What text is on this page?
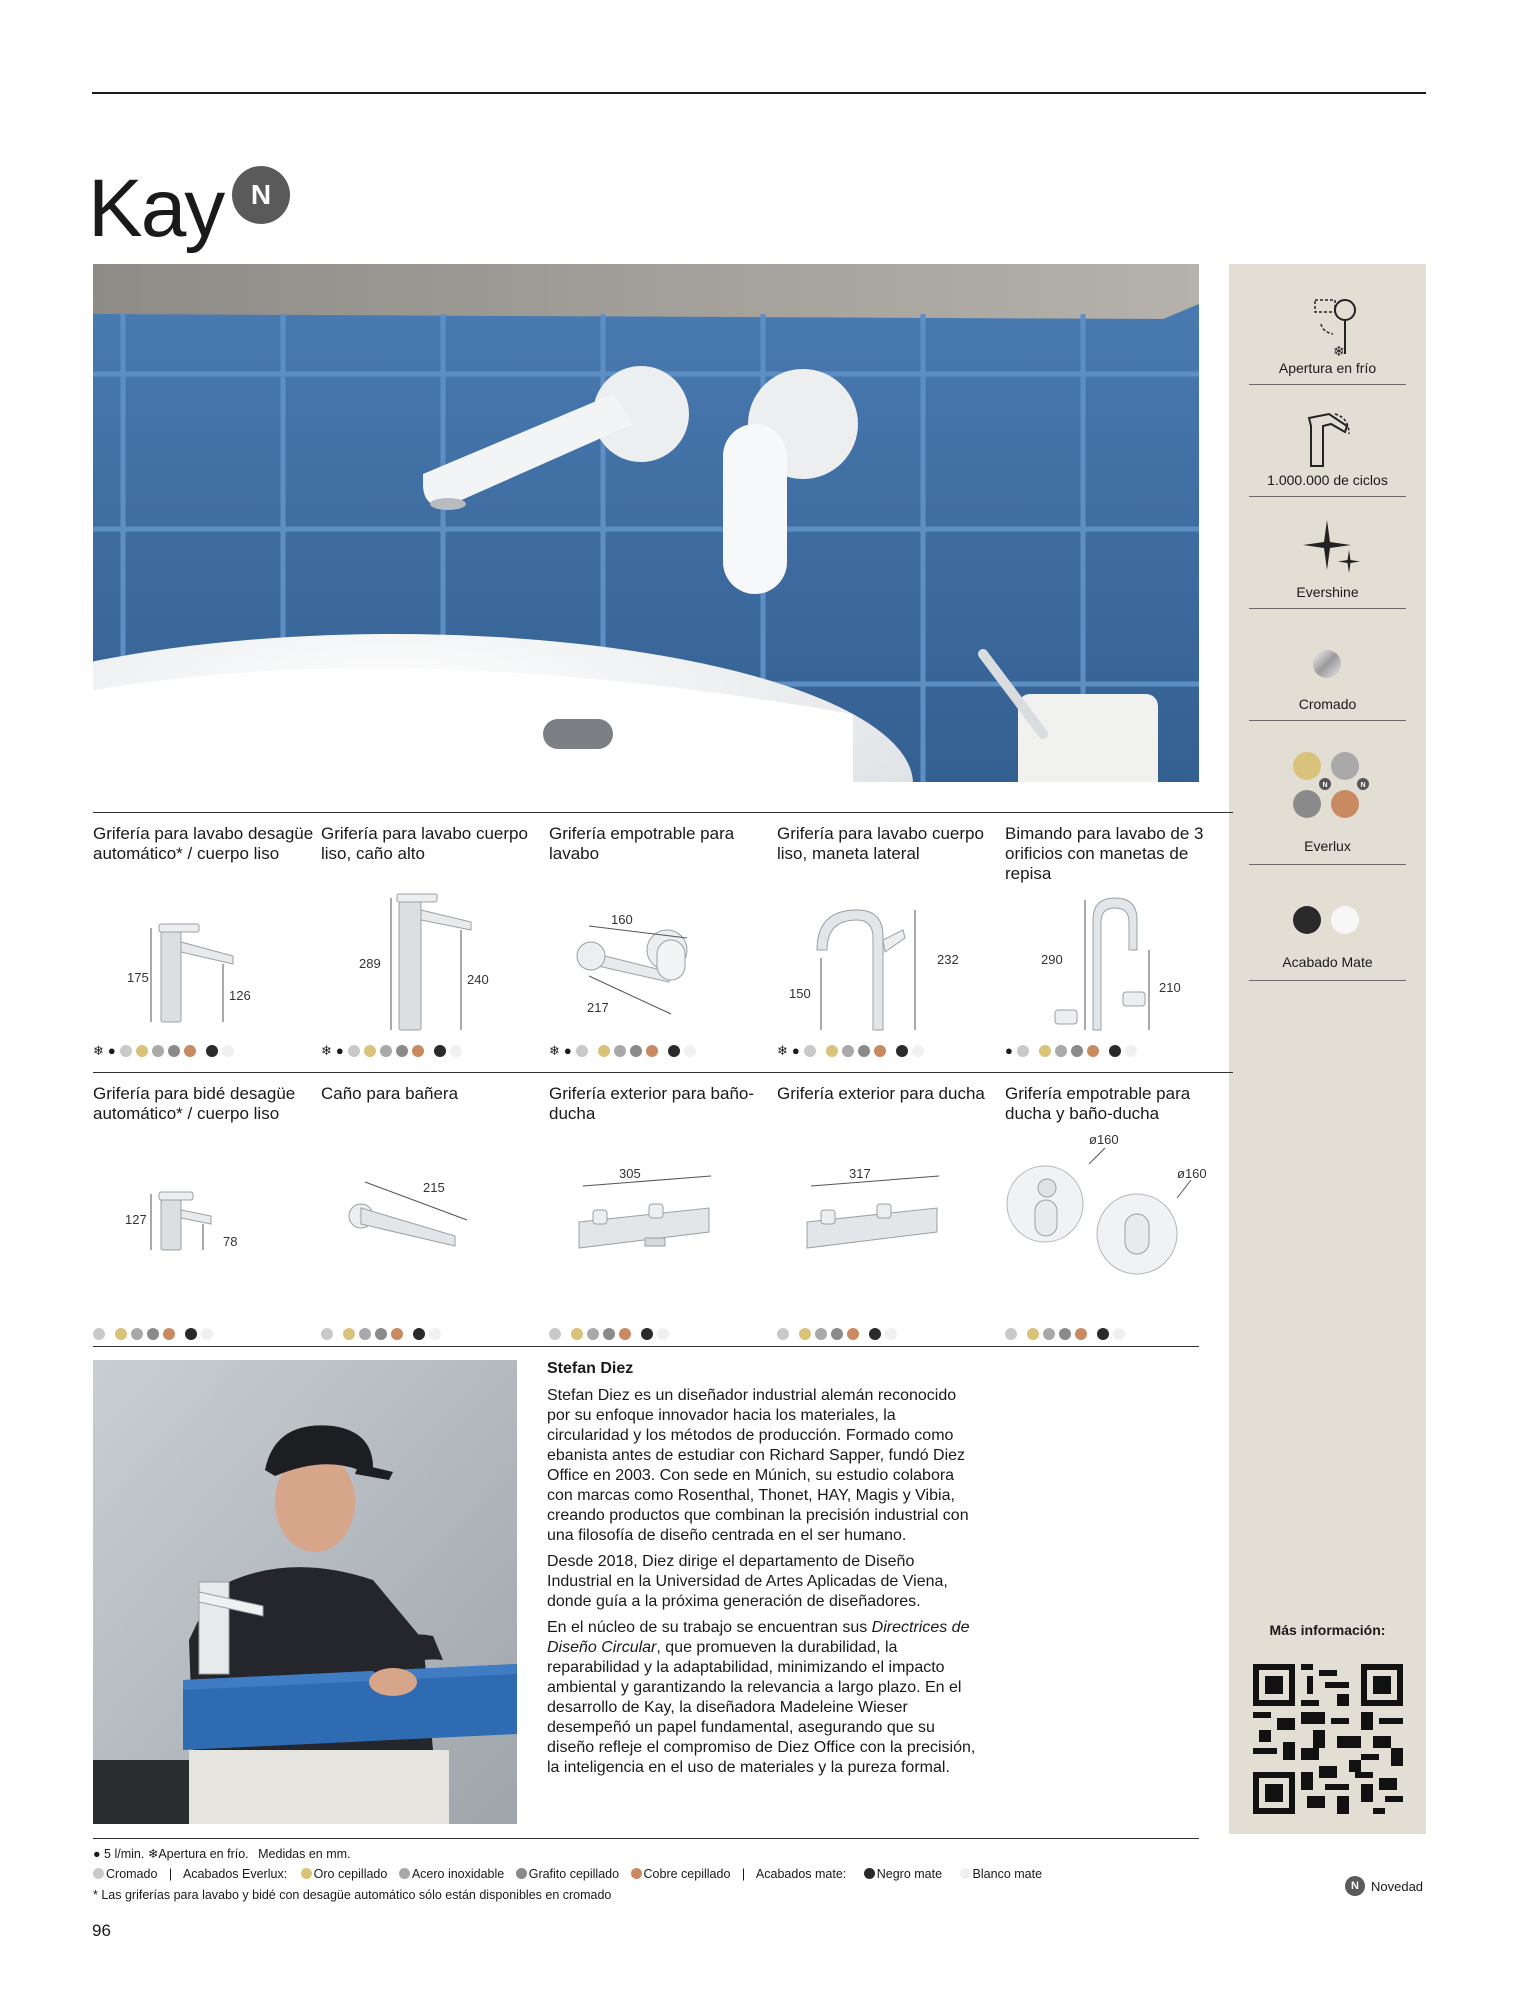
Kay N
❄
Apertura en frío
1.000.000 de ciclos
Evershine
Cromado
N	N
Everlux
Acabado Mate
Más información:
Grifería para lavabo desagüe automático* / cuerpo liso
175
126
❄ ●
Grifería para lavabo cuerpo liso, caño alto
289
240
❄ ●
Grifería empotrable para lavabo
160
217
❄ ●
Grifería para lavabo cuerpo liso, maneta lateral
150
232
❄ ●
Bimando para lavabo de 3 orificios con manetas de repisa
290
210
●
Grifería para bidé desagüe automático* / cuerpo liso
127
78
Caño para bañera
215
Grifería exterior para baño-ducha
305
Grifería exterior para ducha
317
Grifería empotrable para ducha y baño-ducha
ø160
ø160
Stefan Diez

Stefan Diez es un diseñador industrial alemán reconocido por su enfoque innovador hacia los materiales, la circularidad y los métodos de producción. Formado como ebanista antes de estudiar con Richard Sapper, fundó Diez Office en 2003. Con sede en Múnich, su estudio colabora con marcas como Rosenthal, Thonet, HAY, Magis y Vibia, creando productos que combinan la precisión industrial con una filosofía de diseño centrada en el ser humano.

Desde 2018, Diez dirige el departamento de Diseño Industrial en la Universidad de Artes Aplicadas de Viena, donde guía a la próxima generación de diseñadores.

En el núcleo de su trabajo se encuentran sus Directrices de Diseño Circular, que promueven la durabilidad, la reparabilidad y la adaptabilidad, minimizando el impacto ambiental y garantizando la relevancia a largo plazo. En el desarrollo de Kay, la diseñadora Madeleine Wieser desempeñó un papel fundamental, asegurando que su diseño refleje el compromiso de Diez Office con la precisión, la inteligencia en el uso de materiales y la pureza formal.

● 5 l/min. ❄Apertura en frío. Medidas en mm.
Cromado | Acabados Everlux: Oro cepillado Acero inoxidable Grafito cepillado Cobre cepillado | Acabados mate: Negro mate Blanco mate
* Las griferías para lavabo y bidé con desagüe automático sólo están disponibles en cromado
N Novedad
96
